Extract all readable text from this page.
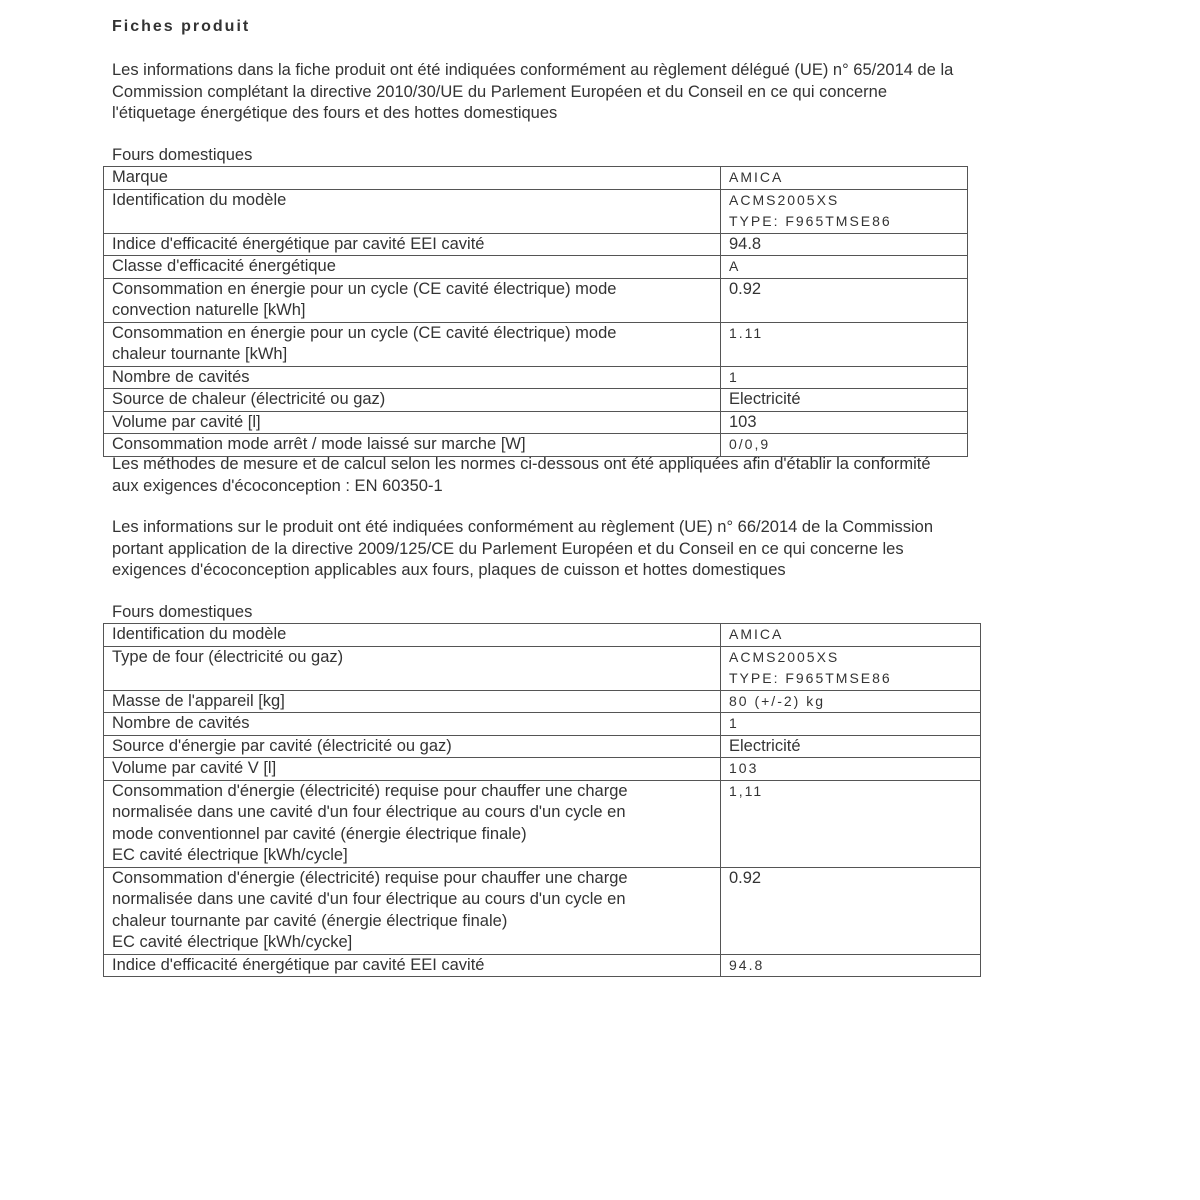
Fiches produit

Les informations dans la fiche produit ont été indiquées conformément au règlement délégué (UE) n° 65/2014 de la

Commission complétant la directive 2010/30/UE du Parlement Européen et du Conseil en ce qui concerne

l'étiquetage énergétique des fours et des hottes domestiques

Fours domestiques
Marque	AMICA
Identification du modèle	ACMS2005XS
TYPE: F965TMSE86
Indice d'efficacité énergétique par cavité EEI cavité	94.8
Classe d'efficacité énergétique	A
Consommation en énergie pour un cycle (CE cavité électrique) mode
convection naturelle [kWh]	0.92
Consommation en énergie pour un cycle (CE cavité électrique) mode
chaleur tournante [kWh]	1.11
Nombre de cavités	1
Source de chaleur (électricité ou gaz)	Electricité
Volume par cavité [l]	103
Consommation mode arrêt / mode laissé sur marche [W]	0/0,9

Les méthodes de mesure et de calcul selon les normes ci-dessous ont été appliquées afin d'établir la conformité

aux exigences d'écoconception : EN 60350-1

Les informations sur le produit ont été indiquées conformément au règlement (UE) n° 66/2014 de la Commission

portant application de la directive 2009/125/CE du Parlement Européen et du Conseil en ce qui concerne les

exigences d'écoconception applicables aux fours, plaques de cuisson et hottes domestiques

Fours domestiques
Identification du modèle	AMICA
Type de four (électricité ou gaz)	ACMS2005XS
TYPE: F965TMSE86
Masse de l'appareil [kg]	80 (+/-2) kg
Nombre de cavités	1
Source d'énergie par cavité (électricité ou gaz)	Electricité
Volume par cavité V [l]	103
Consommation d'énergie (électricité) requise pour chauffer une charge
normalisée dans une cavité d'un four électrique au cours d'un cycle en
mode conventionnel par cavité (énergie électrique finale)
EC cavité électrique [kWh/cycle]	1,11
Consommation d'énergie (électricité) requise pour chauffer une charge
normalisée dans une cavité d'un four électrique au cours d'un cycle en
chaleur tournante par cavité (énergie électrique finale)
EC cavité électrique [kWh/cycke]	0.92
Indice d'efficacité énergétique par cavité EEI cavité	94.8
